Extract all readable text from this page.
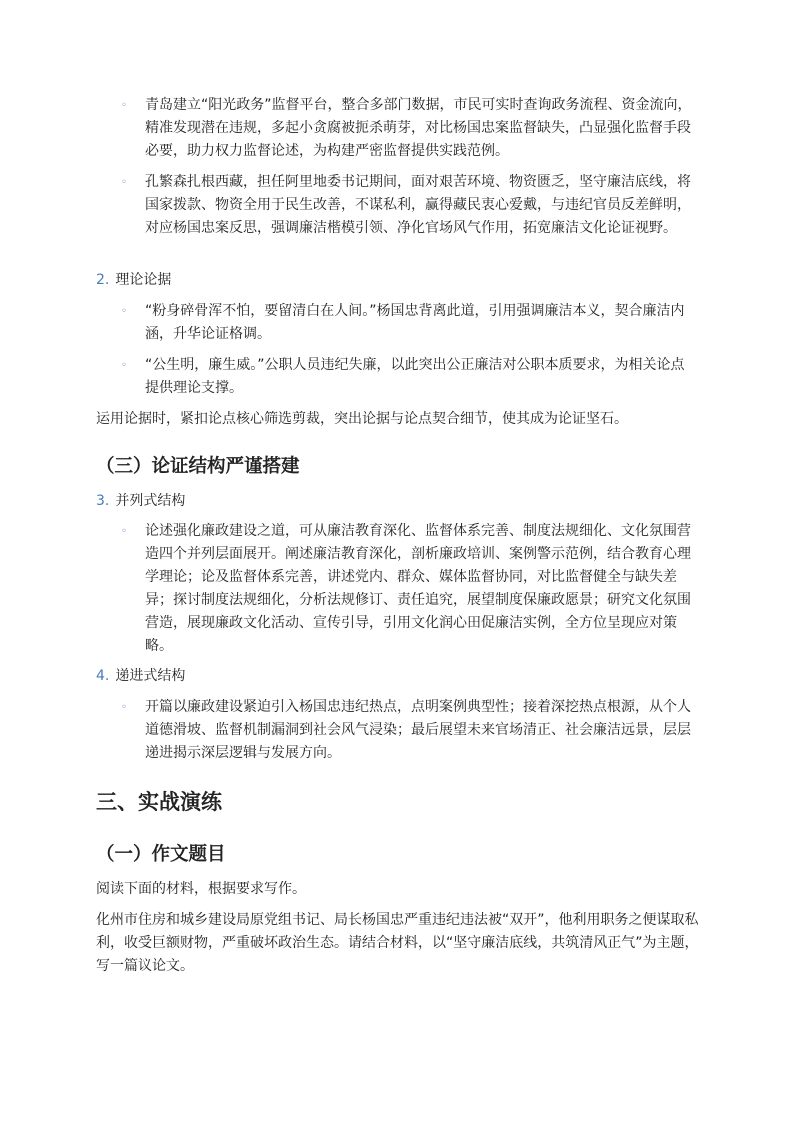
◦	青岛建立“阳光政务”监督平台，整合多部门数据，市民可实时查询政务流程、资金流向，精准发现潜在违规，多起小贪腐被扼杀萌芽，对比杨国忠案监督缺失，凸显强化监督手段必要，助力权力监督论述，为构建严密监督提供实践范例。
◦	孔繁森扎根西藏，担任阿里地委书记期间，面对艰苦环境、物资匮乏，坚守廉洁底线，将国家拨款、物资全用于民生改善，不谋私利，赢得藏民衷心爱戴，与违纪官员反差鲜明，对应杨国忠案反思，强调廉洁楷模引领、净化官场风气作用，拓宽廉洁文化论证视野。
2. 理论论据
◦	“粉身碎骨浑不怕，要留清白在人间。”杨国忠背离此道，引用强调廉洁本义，契合廉洁内涵，升华论证格调。
◦	“公生明，廉生威。”公职人员违纪失廉，以此突出公正廉洁对公职本质要求，为相关论点提供理论支撑。
运用论据时，紧扣论点核心筛选剪裁，突出论据与论点契合细节，使其成为论证坚石。
（三）论证结构严谨搭建
3. 并列式结构
◦	论述强化廉政建设之道，可从廉洁教育深化、监督体系完善、制度法规细化、文化氛围营造四个并列层面展开。阐述廉洁教育深化，剖析廉政培训、案例警示范例，结合教育心理学理论；论及监督体系完善，讲述党内、群众、媒体监督协同，对比监督健全与缺失差异；探讨制度法规细化，分析法规修订、责任追究，展望制度保廉政愿景；研究文化氛围营造，展现廉政文化活动、宣传引导，引用文化润心田促廉洁实例，全方位呈现应对策略。
4. 递进式结构
◦	开篇以廉政建设紧迫引入杨国忠违纪热点，点明案例典型性；接着深挖热点根源，从个人道德滑坡、监督机制漏洞到社会风气浸染；最后展望未来官场清正、社会廉洁远景，层层递进揭示深层逻辑与发展方向。
三、实战演练
（一）作文题目
阅读下面的材料，根据要求写作。
化州市住房和城乡建设局原党组书记、局长杨国忠严重违纪违法被“双开”，他利用职务之便谋取私利，收受巨额财物，严重破坏政治生态。请结合材料，以“坚守廉洁底线，共筑清风正气”为主题，写一篇议论文。
